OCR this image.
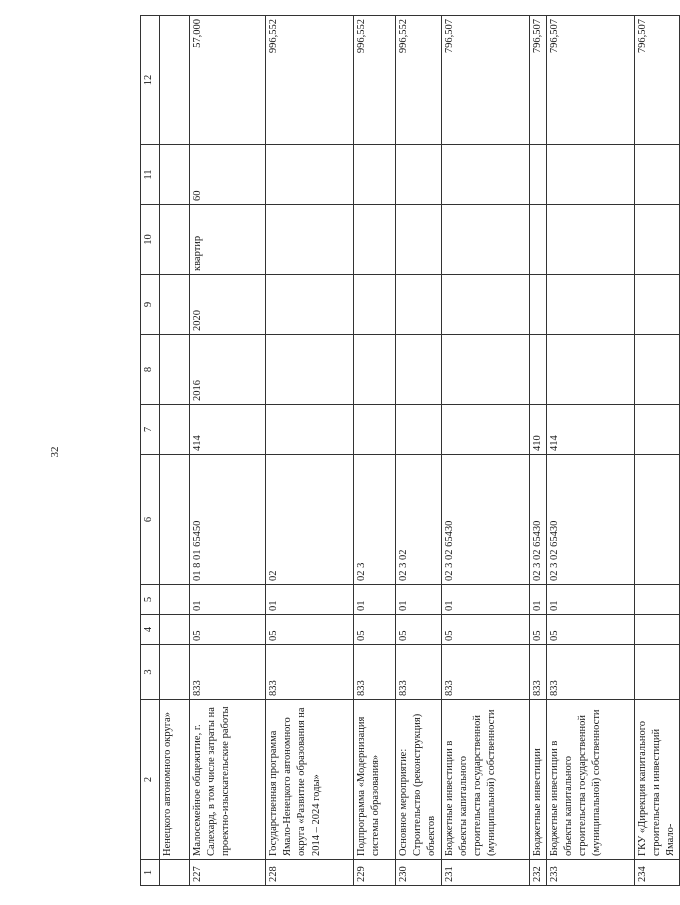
32
1	2	3	4	5	6	7	8	9	10	11	12
	Ненецкого автономного округа»										
227	Малосемейное общежитие, г. Салехард, в том числе затраты на проектно-изыскательские работы	833	05	01	01 8 01 65450	414	2016	2020	квартир	60	57,000
228	Государственная программа Ямало-Ненецкого автономного округа «Развитие образования на 2014 – 2024 годы»	833	05	01	02						996,552
229	Подпрограмма «Модернизация системы образования»	833	05	01	02 3						996,552
230	Основное мероприятие: Строительство (реконструкция) объектов	833	05	01	02 3 02						996,552
231	Бюджетные инвестиции в объекты капитального строительства государственной (муниципальной) собственности	833	05	01	02 3 02 65430						796,507
232	Бюджетные инвестиции	833	05	01	02 3 02 65430	410					796,507
233	Бюджетные инвестиции в объекты капитального строительства государственной (муниципальной) собственности	833	05	01	02 3 02 65430	414					796,507
234	ГКУ «Дирекция капитального строительства и инвестиций Ямало-										796,507
